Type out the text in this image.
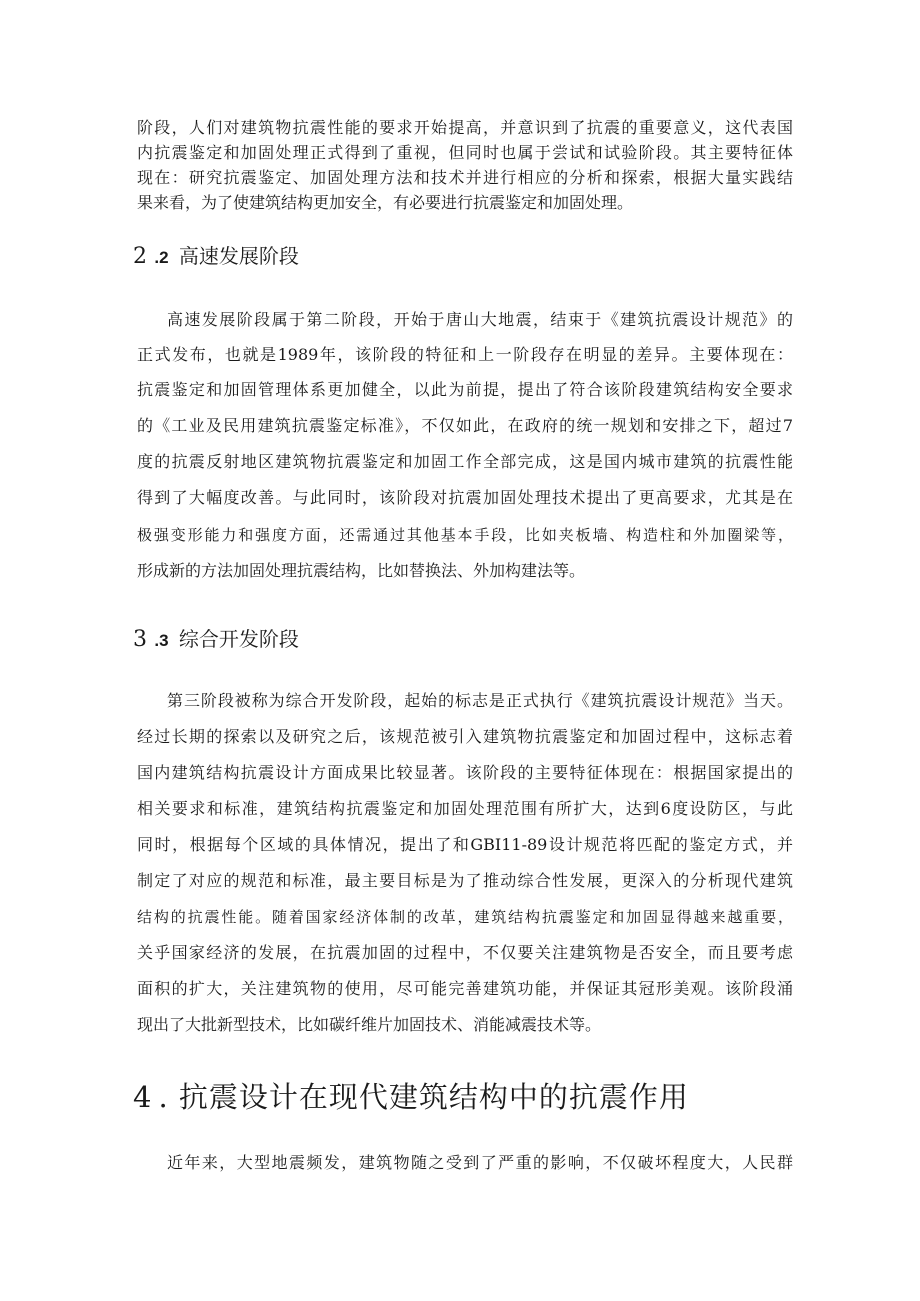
阶段，人们对建筑物抗震性能的要求开始提高，并意识到了抗震的重要意义，这代表国
内抗震鉴定和加固处理正式得到了重视，但同时也属于尝试和试验阶段。其主要特征体
现在：研究抗震鉴定、加固处理方法和技术并进行相应的分析和探索，根据大量实践结
果来看，为了使建筑结构更加安全，有必要进行抗震鉴定和加固处理。
2 .2 高速发展阶段
高速发展阶段属于第二阶段，开始于唐山大地震，结束于《建筑抗震设计规范》的
正式发布，也就是1989年，该阶段的特征和上一阶段存在明显的差异。主要体现在：
抗震鉴定和加固管理体系更加健全，以此为前提，提出了符合该阶段建筑结构安全要求
的《工业及民用建筑抗震鉴定标准》，不仅如此，在政府的统一规划和安排之下，超过7
度的抗震反射地区建筑物抗震鉴定和加固工作全部完成，这是国内城市建筑的抗震性能
得到了大幅度改善。与此同时，该阶段对抗震加固处理技术提出了更高要求，尤其是在
极强变形能力和强度方面，还需通过其他基本手段，比如夹板墙、构造柱和外加圈梁等，
形成新的方法加固处理抗震结构，比如替换法、外加构建法等。
3 .3 综合开发阶段
第三阶段被称为综合开发阶段，起始的标志是正式执行《建筑抗震设计规范》当天。
经过长期的探索以及研究之后，该规范被引入建筑物抗震鉴定和加固过程中，这标志着
国内建筑结构抗震设计方面成果比较显著。该阶段的主要特征体现在：根据国家提出的
相关要求和标准，建筑结构抗震鉴定和加固处理范围有所扩大，达到6度设防区，与此
同时，根据每个区域的具体情况，提出了和GBI11-89设计规范将匹配的鉴定方式，并
制定了对应的规范和标准，最主要目标是为了推动综合性发展，更深入的分析现代建筑
结构的抗震性能。随着国家经济体制的改革，建筑结构抗震鉴定和加固显得越来越重要，
关乎国家经济的发展，在抗震加固的过程中，不仅要关注建筑物是否安全，而且要考虑
面积的扩大，关注建筑物的使用，尽可能完善建筑功能，并保证其冠形美观。该阶段涌
现出了大批新型技术，比如碳纤维片加固技术、消能减震技术等。
4 . 抗震设计在现代建筑结构中的抗震作用
近年来，大型地震频发，建筑物随之受到了严重的影响，不仅破坏程度大，人民群
